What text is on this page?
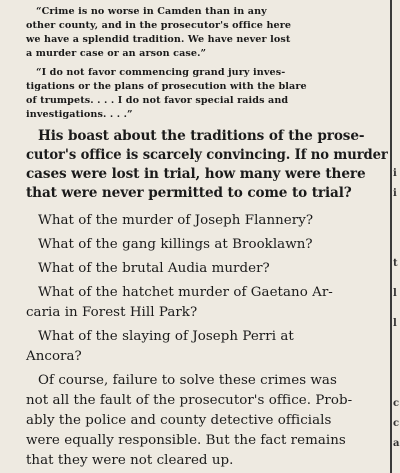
“Crime is no worse in Camden than in any

other county, and in the prosecutor's office here

we have a splendid tradition. We have never lost

a murder case or an arson case.”

“I do not favor commencing grand jury inves-

tigations or the plans of prosecution with the blare

of trumpets. . . . I do not favor special raids and

investigations. . . .”

His boast about the traditions of the prose-

cutor's office is scarcely convincing. If no murder

cases were lost in trial, how many were there

that were never permitted to come to trial?

What of the murder of Joseph Flannery?

What of the gang killings at Brooklawn?

What of the brutal Audia murder?

What of the hatchet murder of Gaetano Ar-

caria in Forest Hill Park?

What of the slaying of Joseph Perri at

Ancora?

Of course, failure to solve these crimes was

not all the fault of the prosecutor's office. Prob-

ably the police and county detective officials

were equally responsible. But the fact remains

that they were not cleared up.

i
i
t
l
l
c
c
a
